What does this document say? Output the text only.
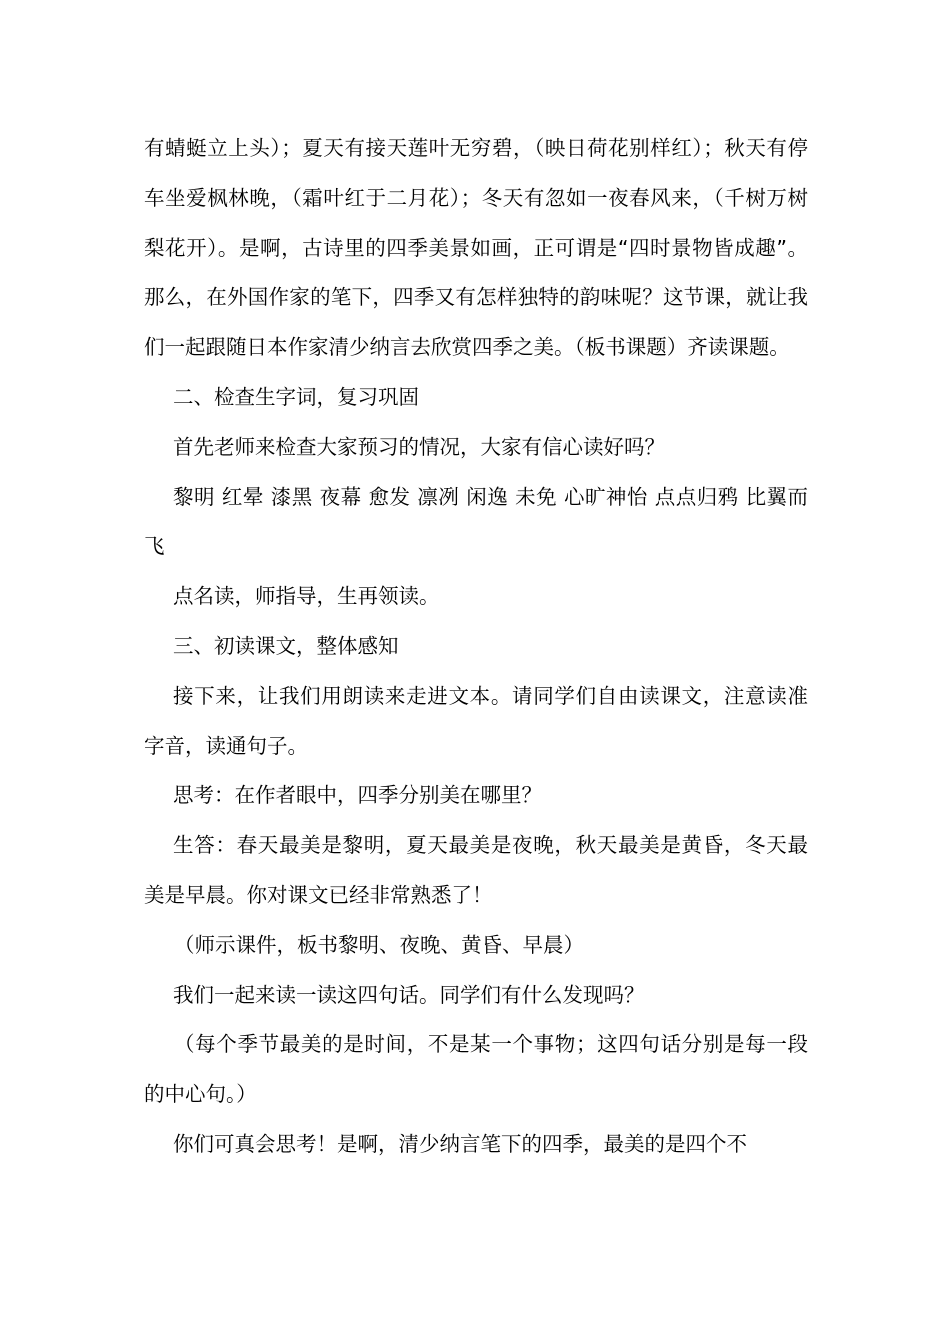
有蜻蜓立上头）；夏天有接天莲叶无穷碧，（映日荷花别样红）；秋天有停车坐爱枫林晚，（霜叶红于二月花）；冬天有忽如一夜春风来，（千树万树梨花开）。是啊，古诗里的四季美景如画，正可谓是“四时景物皆成趣”。那么，在外国作家的笔下，四季又有怎样独特的韵味呢？这节课，就让我们一起跟随日本作家清少纳言去欣赏四季之美。（板书课题）齐读课题。

二、检查生字词，复习巩固

首先老师来检查大家预习的情况，大家有信心读好吗？

黎明 红晕 漆黑 夜幕 愈发 凛冽 闲逸 未免 心旷神怡 点点归鸦 比翼而飞

点名读，师指导，生再领读。

三、初读课文，整体感知

接下来，让我们用朗读来走进文本。请同学们自由读课文，注意读准字音，读通句子。

思考：在作者眼中，四季分别美在哪里？

生答：春天最美是黎明，夏天最美是夜晚，秋天最美是黄昏，冬天最美是早晨。你对课文已经非常熟悉了！

（师示课件，板书黎明、夜晚、黄昏、早晨）

我们一起来读一读这四句话。同学们有什么发现吗？

（每个季节最美的是时间，不是某一个事物；这四句话分别是每一段的中心句。）

你们可真会思考！是啊，清少纳言笔下的四季，最美的是四个不
